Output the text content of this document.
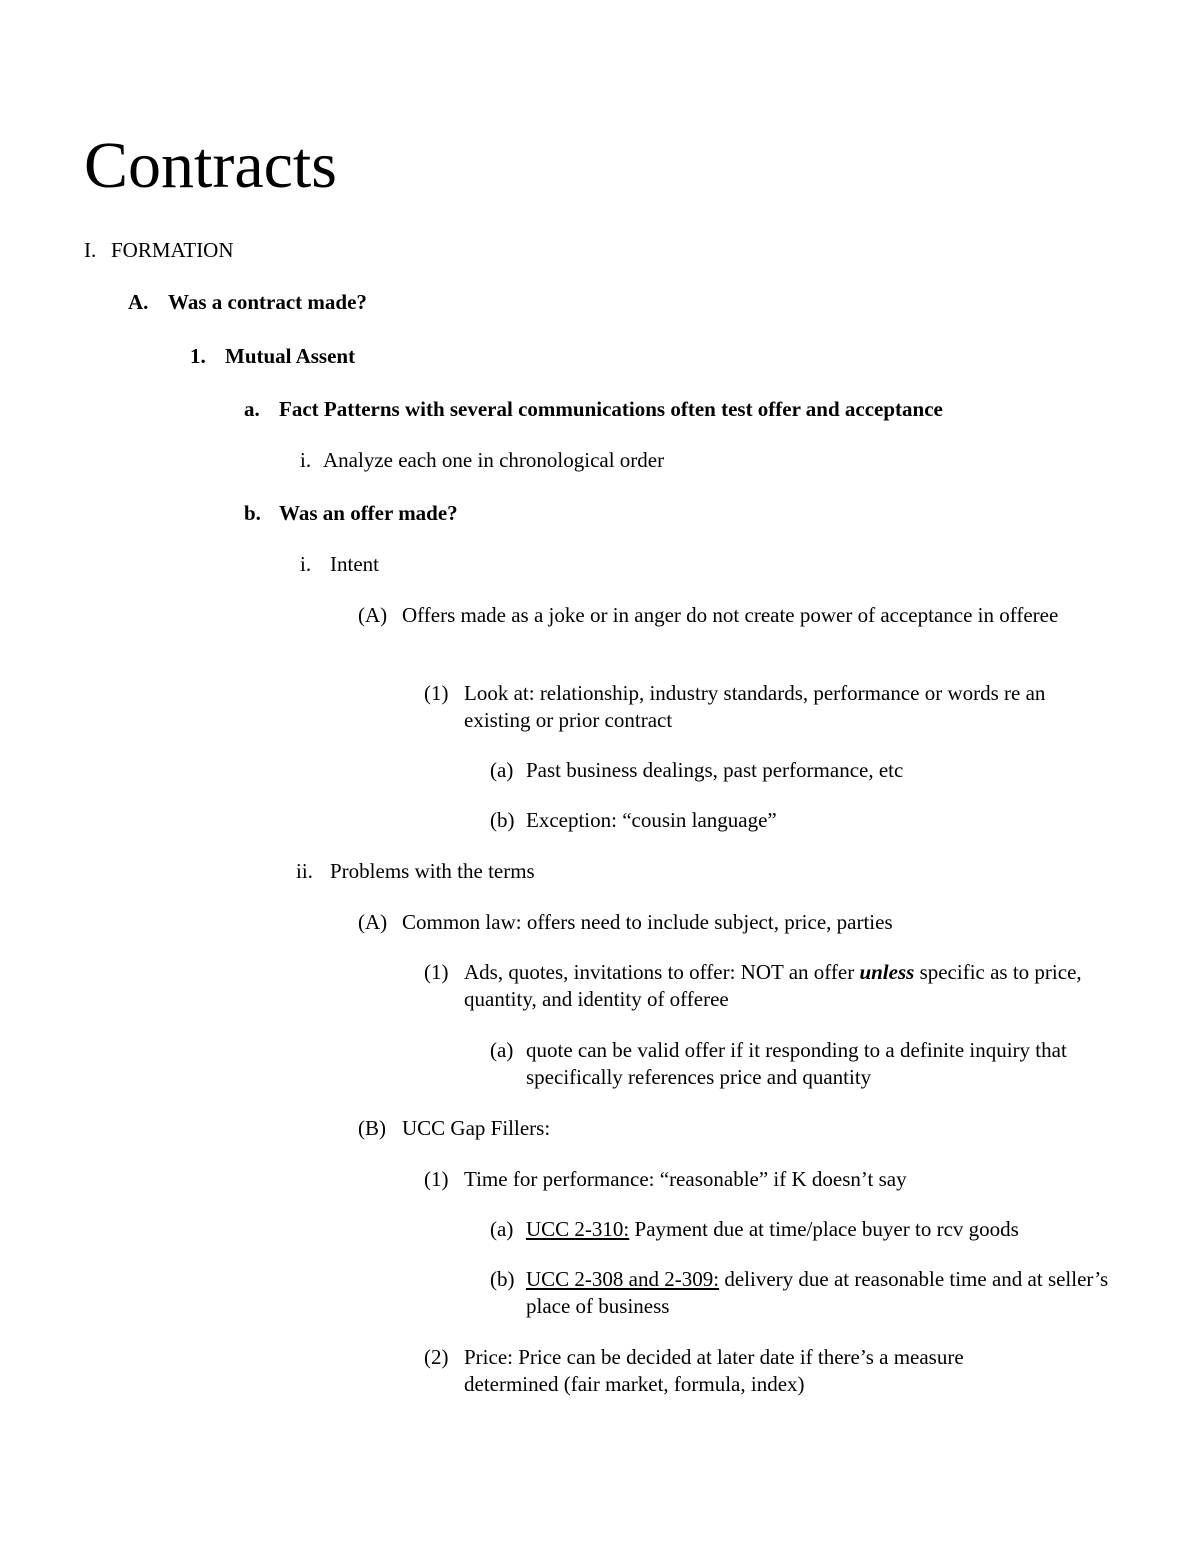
Contracts
I. FORMATION
A. Was a contract made?
1. Mutual Assent
a. Fact Patterns with several communications often test offer and acceptance
i. Analyze each one in chronological order
b. Was an offer made?
i. Intent
(A) Offers made as a joke or in anger do not create power of acceptance in offeree
(1) Look at: relationship, industry standards, performance or words re an existing or prior contract
(a) Past business dealings, past performance, etc
(b) Exception: “cousin language”
ii. Problems with the terms
(A) Common law: offers need to include subject, price, parties
(1) Ads, quotes, invitations to offer: NOT an offer unless specific as to price, quantity, and identity of offeree
(a) quote can be valid offer if it responding to a definite inquiry that specifically references price and quantity
(B) UCC Gap Fillers:
(1) Time for performance: “reasonable” if K doesn’t say
(a) UCC 2-310: Payment due at time/place buyer to rcv goods
(b) UCC 2-308 and 2-309: delivery due at reasonable time and at seller’s place of business
(2) Price: Price can be decided at later date if there’s a measure determined (fair market, formula, index)
